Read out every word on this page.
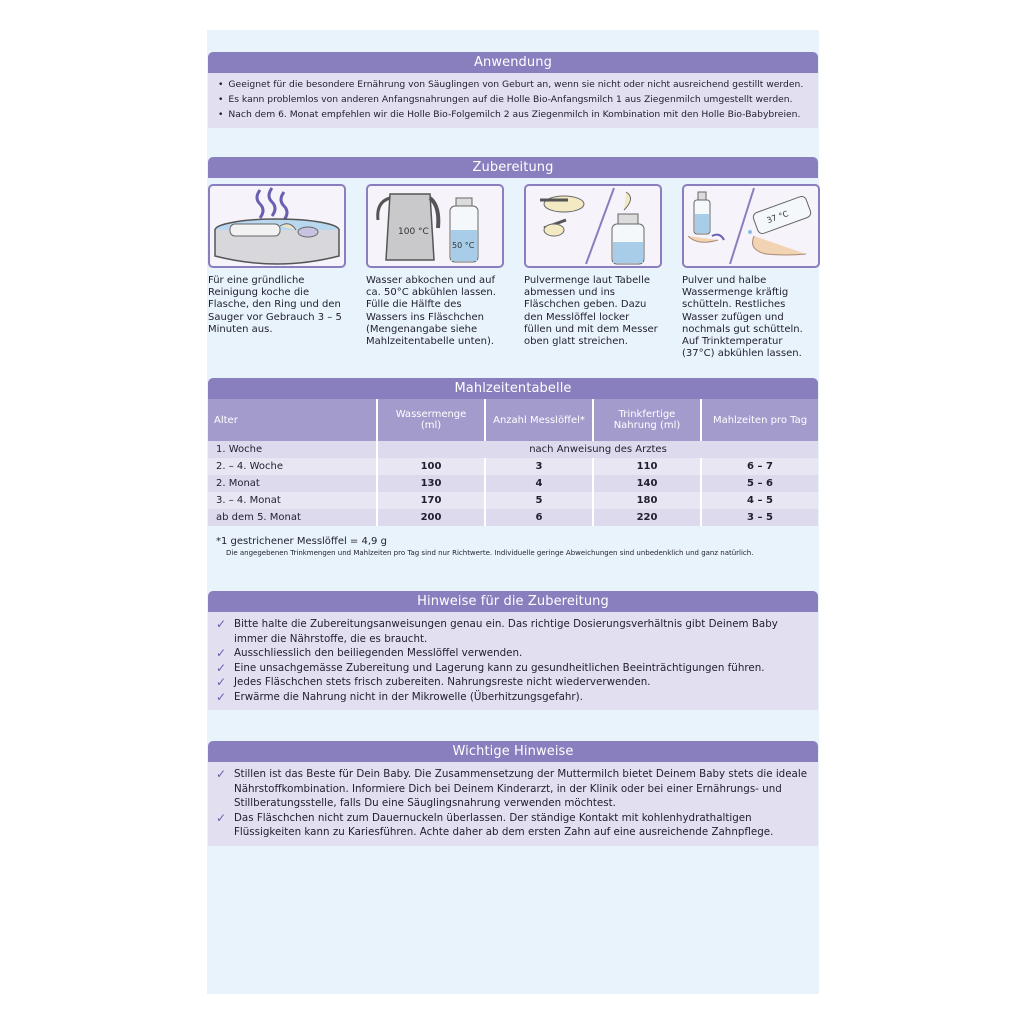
Anwendung
• Geeignet für die besondere Ernährung von Säuglingen von Geburt an, wenn sie nicht oder nicht ausreichend gestillt werden.
• Es kann problemlos von anderen Anfangsnahrungen auf die Holle Bio-Anfangsmilch 1 aus Ziegenmilch umgestellt werden.
• Nach dem 6. Monat empfehlen wir die Holle Bio-Folgemilch 2 aus Ziegenmilch in Kombination mit den Holle Bio-Babybreien.
Zubereitung
Für eine gründliche Reinigung koche die Flasche, den Ring und den Sauger vor Gebrauch 3 – 5 Minuten aus.
100 °C
50 °C
Wasser abkochen und auf ca. 50°C abkühlen lassen. Fülle die Hälfte des Wassers ins Fläschchen (Mengenangabe siehe Mahlzeitentabelle unten).
Pulvermenge laut Tabelle abmessen und ins Fläschchen geben. Dazu den Messlöffel locker füllen und mit dem Messer oben glatt streichen.
37 °C
Pulver und halbe Wassermenge kräftig schütteln. Restliches Wasser zufügen und nochmals gut schütteln. Auf Trinktemperatur (37°C) abkühlen lassen.
Mahlzeitentabelle
Alter	Wassermenge (ml)	Anzahl Messlöffel*	Trinkfertige Nahrung (ml)	Mahlzeiten pro Tag
1. Woche	nach Anweisung des Arztes			
2. – 4. Woche	100	3	110	6 – 7
2. Monat	130	4	140	5 – 6
3. – 4. Monat	170	5	180	4 – 5
ab dem 5. Monat	200	6	220	3 – 5
*1 gestrichener Messlöffel = 4,9 g
Die angegebenen Trinkmengen und Mahlzeiten pro Tag sind nur Richtwerte. Individuelle geringe Abweichungen sind unbedenklich und ganz natürlich.
Hinweise für die Zubereitung
✓ Bitte halte die Zubereitungsanweisungen genau ein. Das richtige Dosierungsverhältnis gibt Deinem Baby immer die Nährstoffe, die es braucht.
✓ Ausschliesslich den beiliegenden Messlöffel verwenden.
✓ Eine unsachgemässe Zubereitung und Lagerung kann zu gesundheitlichen Beeinträchtigungen führen.
✓ Jedes Fläschchen stets frisch zubereiten. Nahrungsreste nicht wiederverwenden.
✓ Erwärme die Nahrung nicht in der Mikrowelle (Überhitzungsgefahr).
Wichtige Hinweise
✓ Stillen ist das Beste für Dein Baby. Die Zusammensetzung der Muttermilch bietet Deinem Baby stets die ideale Nährstoffkombination. Informiere Dich bei Deinem Kinderarzt, in der Klinik oder bei einer Ernährungs- und Stillberatungsstelle, falls Du eine Säuglingsnahrung verwenden möchtest.
✓ Das Fläschchen nicht zum Dauernuckeln überlassen. Der ständige Kontakt mit kohlenhydrathaltigen Flüssigkeiten kann zu Kariesführen. Achte daher ab dem ersten Zahn auf eine ausreichende Zahnpflege.
